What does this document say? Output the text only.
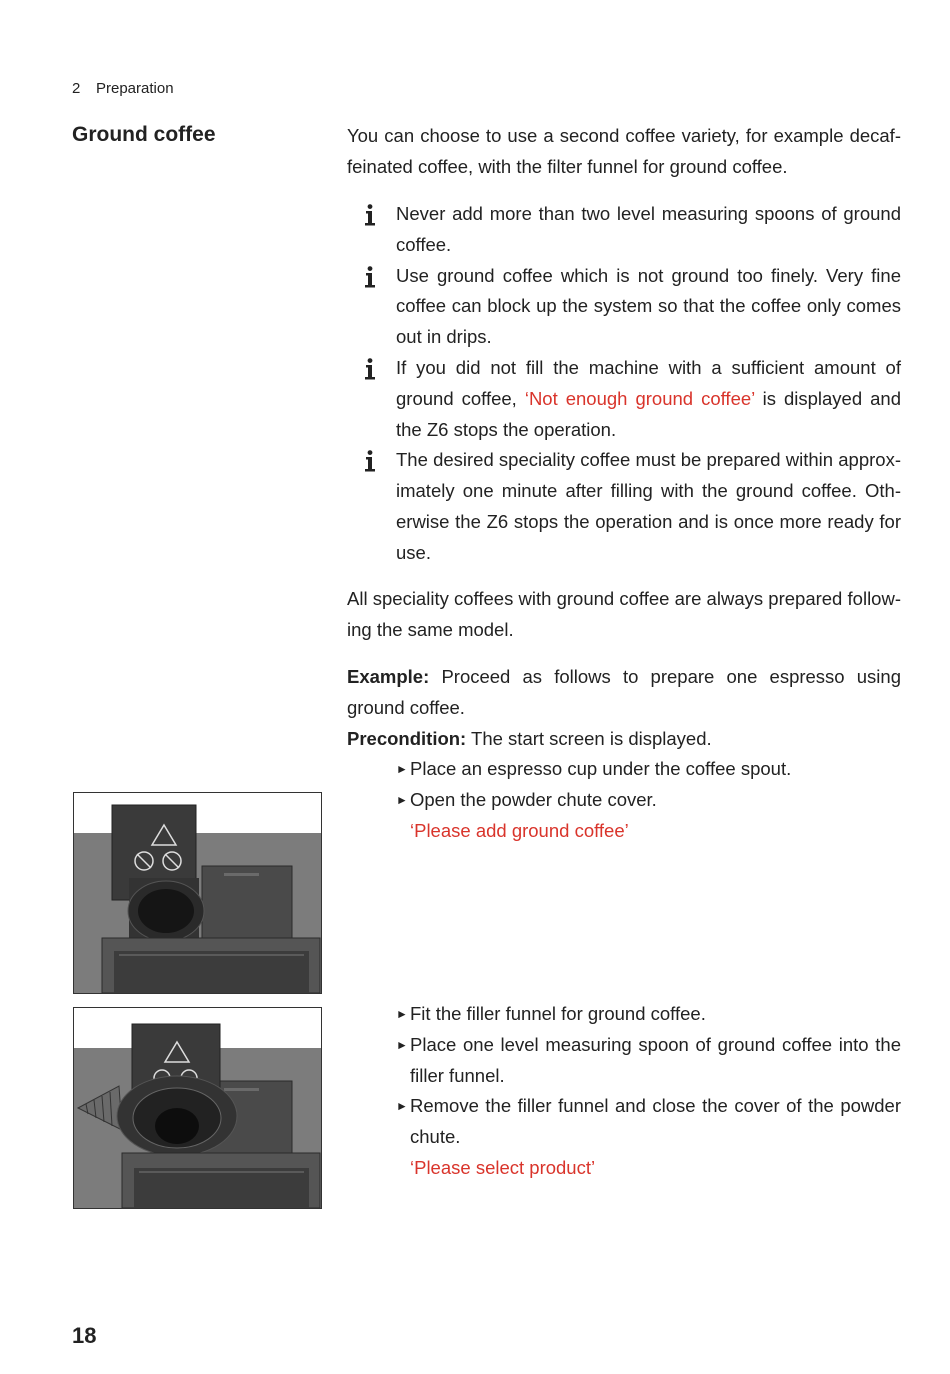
2 Preparation
Ground coffee	You can choose to use a second coffee variety, for example decaffeinated coffee, with the filter funnel for ground coffee.

Never add more than two level measuring spoons of ground coffee.
Use ground coffee which is not ground too finely. Very fine coffee can block up the system so that the coffee only comes out in drips.
If you did not fill the machine with a sufficient amount of ground coffee, ‘Not enough ground coffee’ is displayed and the Z6 stops the operation.
The desired speciality coffee must be prepared within approximately one minute after filling with the ground coffee. Otherwise the Z6 stops the operation and is once more ready for use.

All speciality coffees with ground coffee are always prepared following the same model.

Example: Proceed as follows to prepare one espresso using ground coffee.

Precondition: The start screen is displayed.

► Place an espresso cup under the coffee spout.
► Open the powder chute cover.
‘Please add ground coffee’
► Fit the filler funnel for ground coffee.
► Place one level measuring spoon of ground coffee into the filler funnel.
► Remove the filler funnel and close the cover of the powder chute.
‘Please select product’
18
